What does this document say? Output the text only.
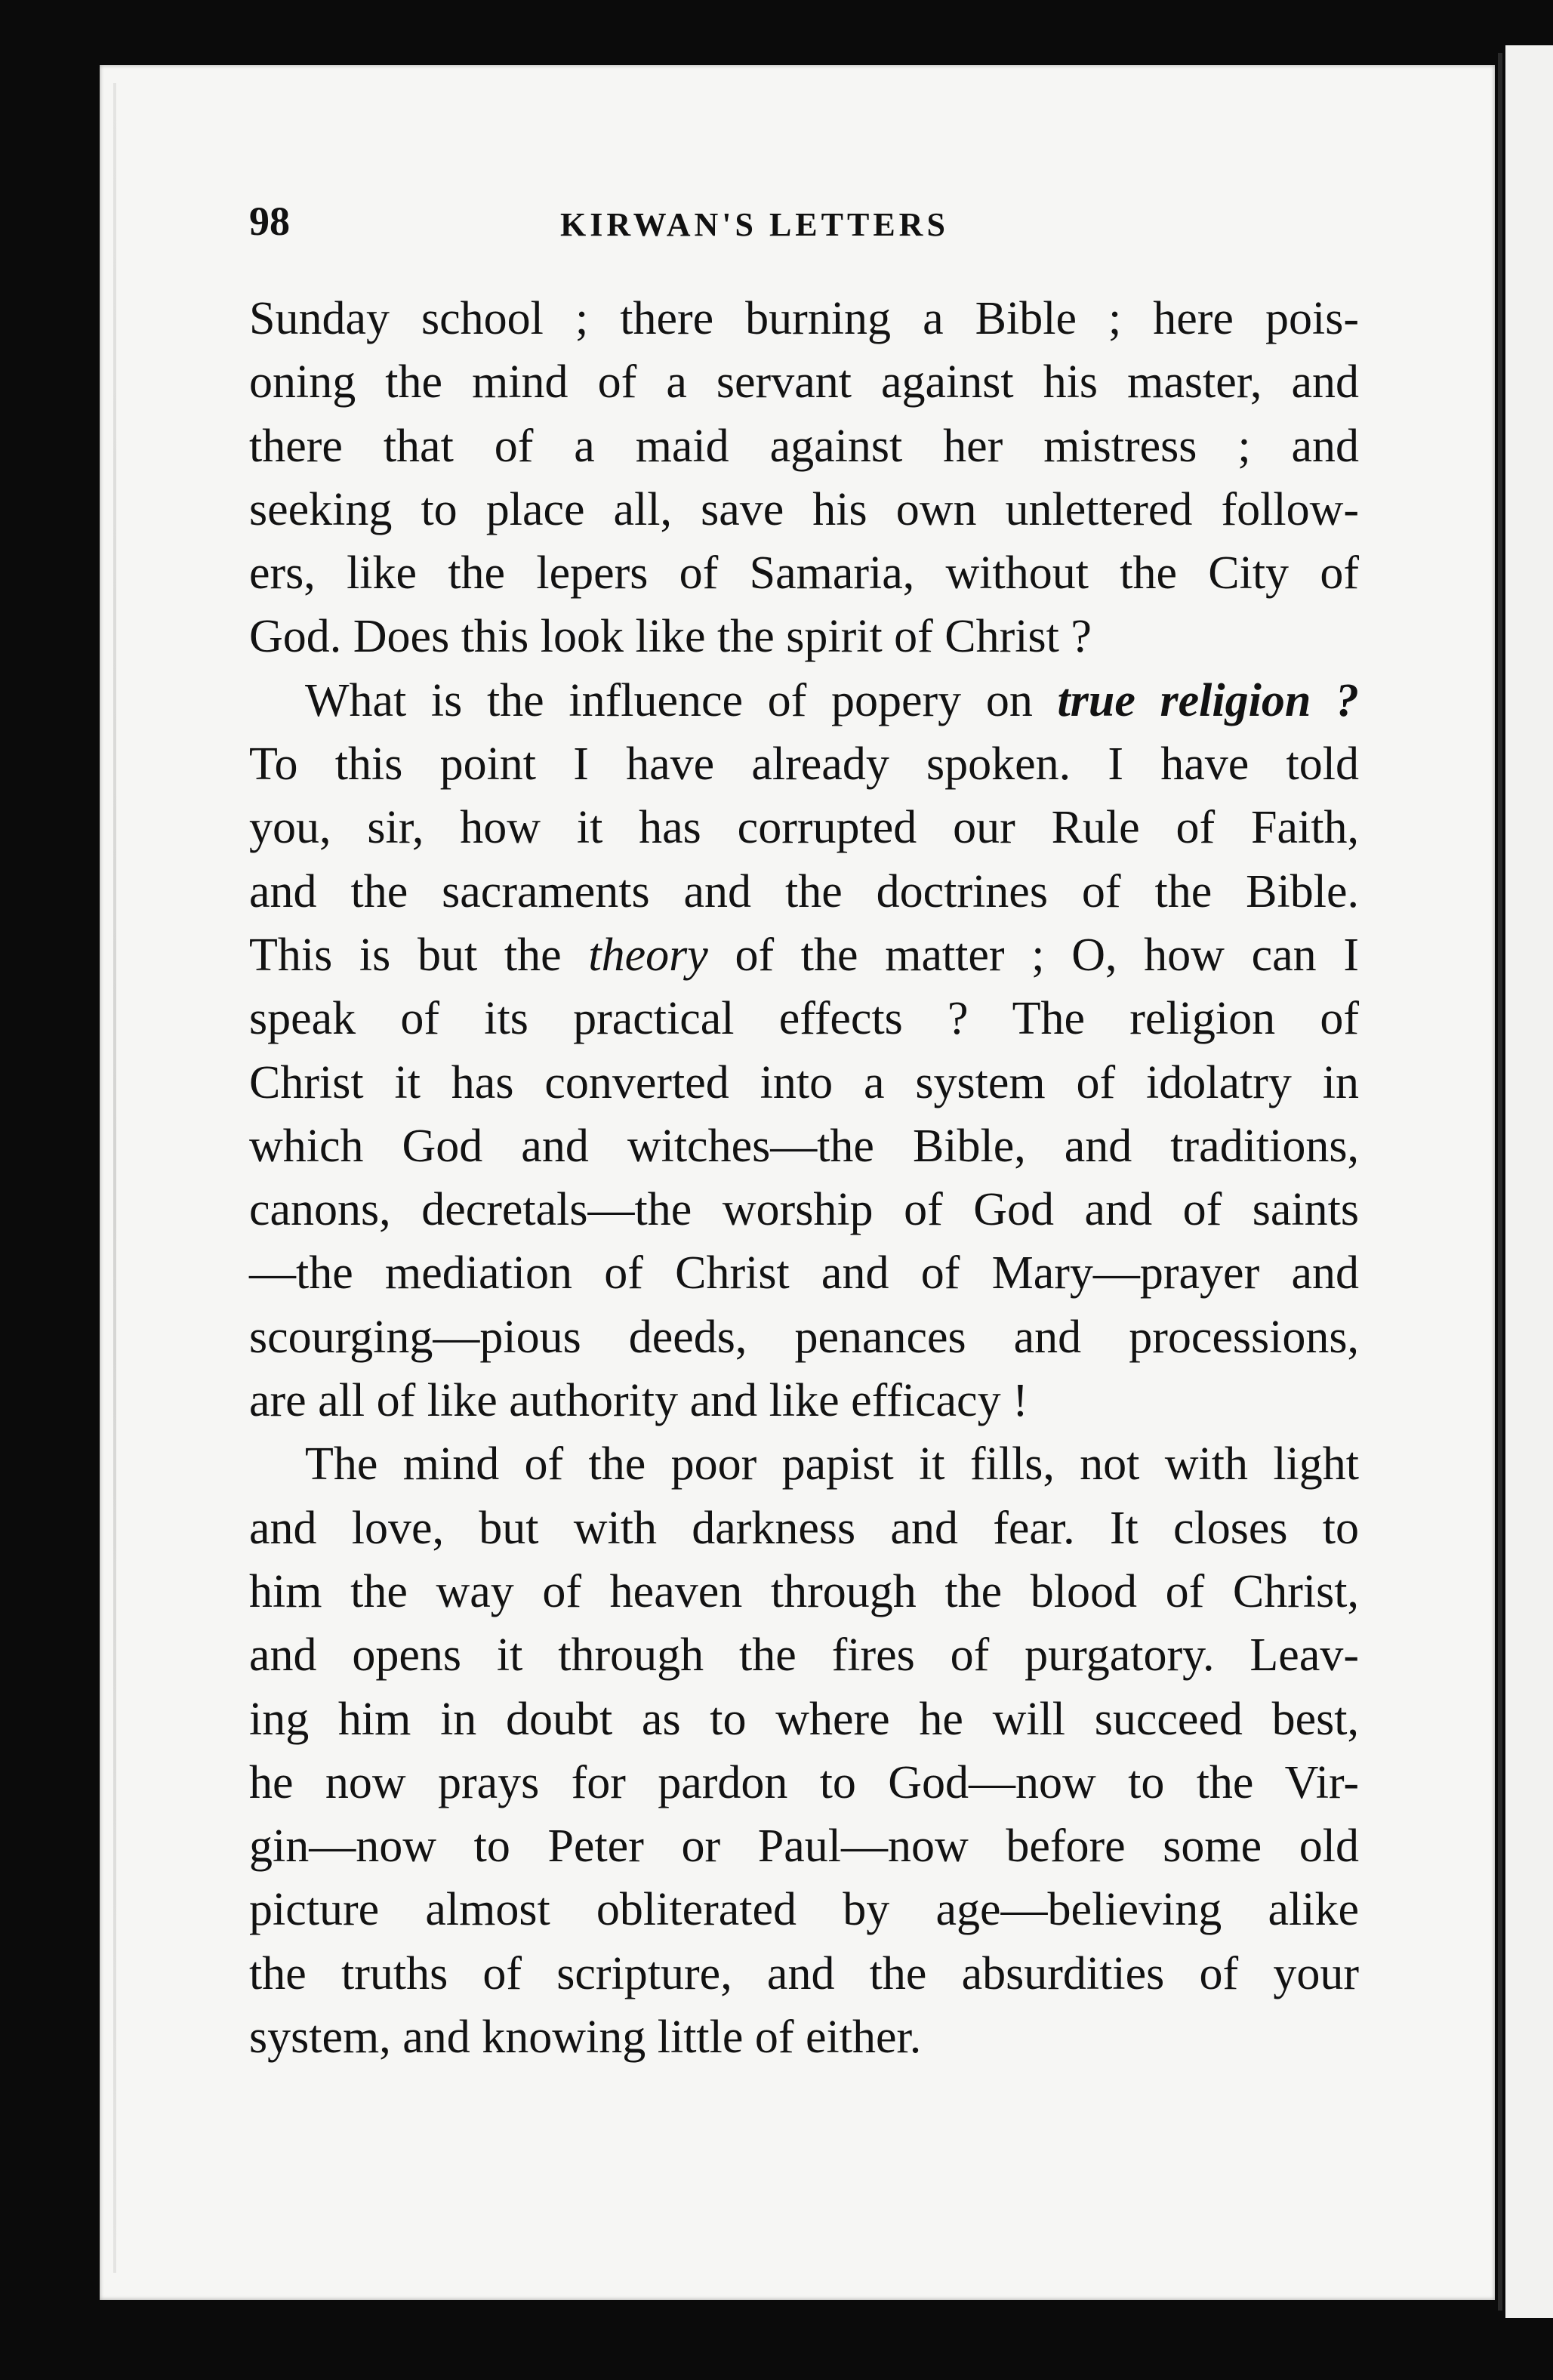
98	KIRWAN'S LETTERS
Sunday school ; there burning a Bible ; here pois-
oning the mind of a servant against his master, and
there that of a maid against her mistress ; and
seeking to place all, save his own unlettered follow-
ers, like the lepers of Samaria, without the City of
God. Does this look like the spirit of Christ ?
What is the influence of popery on true religion ?
To this point I have already spoken. I have told
you, sir, how it has corrupted our Rule of Faith,
and the sacraments and the doctrines of the Bible.
This is but the theory of the matter ; O, how can I
speak of its practical effects ? The religion of
Christ it has converted into a system of idolatry in
which God and witches—the Bible, and traditions,
canons, decretals—the worship of God and of saints
—the mediation of Christ and of Mary—prayer and
scourging—pious deeds, penances and processions,
are all of like authority and like efficacy !
The mind of the poor papist it fills, not with light
and love, but with darkness and fear. It closes to
him the way of heaven through the blood of Christ,
and opens it through the fires of purgatory. Leav-
ing him in doubt as to where he will succeed best,
he now prays for pardon to God—now to the Vir-
gin—now to Peter or Paul—now before some old
picture almost obliterated by age—believing alike
the truths of scripture, and the absurdities of your
system, and knowing little of either.
